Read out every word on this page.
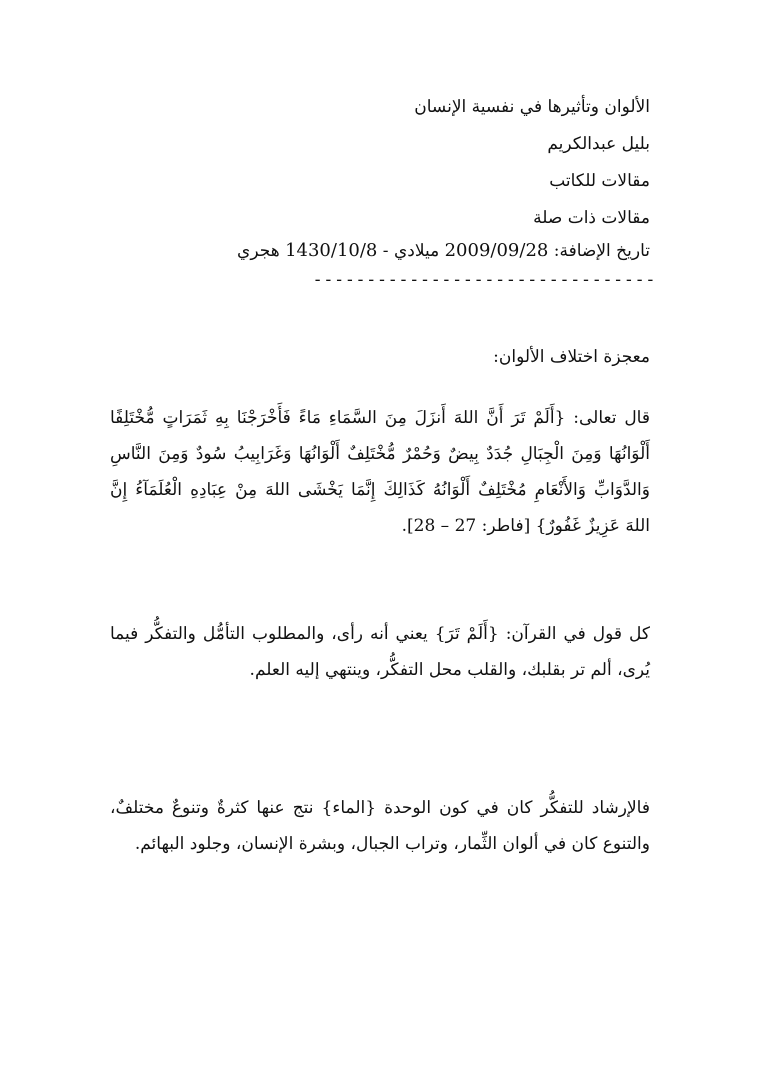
الألوان وتأثيرها في نفسية الإنسان

بليل عبدالكريم

مقالات للكاتب

مقالات ذات صلة

تاريخ الإضافة: 2009/09/28 ميلادي - 1430/10/8 هجري

--------------------------------

معجزة اختلاف الألوان:

قال تعالى: {أَلَمْ تَرَ أَنَّ اللهَ أَنزَلَ مِنَ السَّمَاءِ مَاءً فَأَخْرَجْنَا بِهِ ثَمَرَاتٍ مُّخْتَلِفًا أَلْوَانُهَا وَمِنَ الْجِبَالِ جُدَدٌ بِيضٌ وَحُمْرٌ مُّخْتَلِفٌ أَلْوَانُهَا وَغَرَابِيبُ سُودٌ وَمِنَ النَّاسِ وَالدَّوَابِّ وَالأَنْعَامِ مُخْتَلِفٌ أَلْوَانُهُ كَذَالِكَ إِنَّمَا يَخْشَى اللهَ مِنْ عِبَادِهِ الْعُلَمَآءُ إِنَّ اللهَ عَزِيزٌ غَفُورٌ} [فاطر: 27 – 28].

كل قول في القرآن: {أَلَمْ تَرَ} يعني أنه رأى، والمطلوب التأمُّل والتفكُّر فيما يُرى، ألم تر بقلبك، والقلب محل التفكُّر، وينتهي إليه العلم.

فالإرشاد للتفكُّر كان في كون الوحدة {الماء} نتج عنها كثرةٌ وتنوعٌ مختلفٌ، والتنوع كان في ألوان الثِّمار، وتراب الجبال، وبشرة الإنسان، وجلود البهائم.
